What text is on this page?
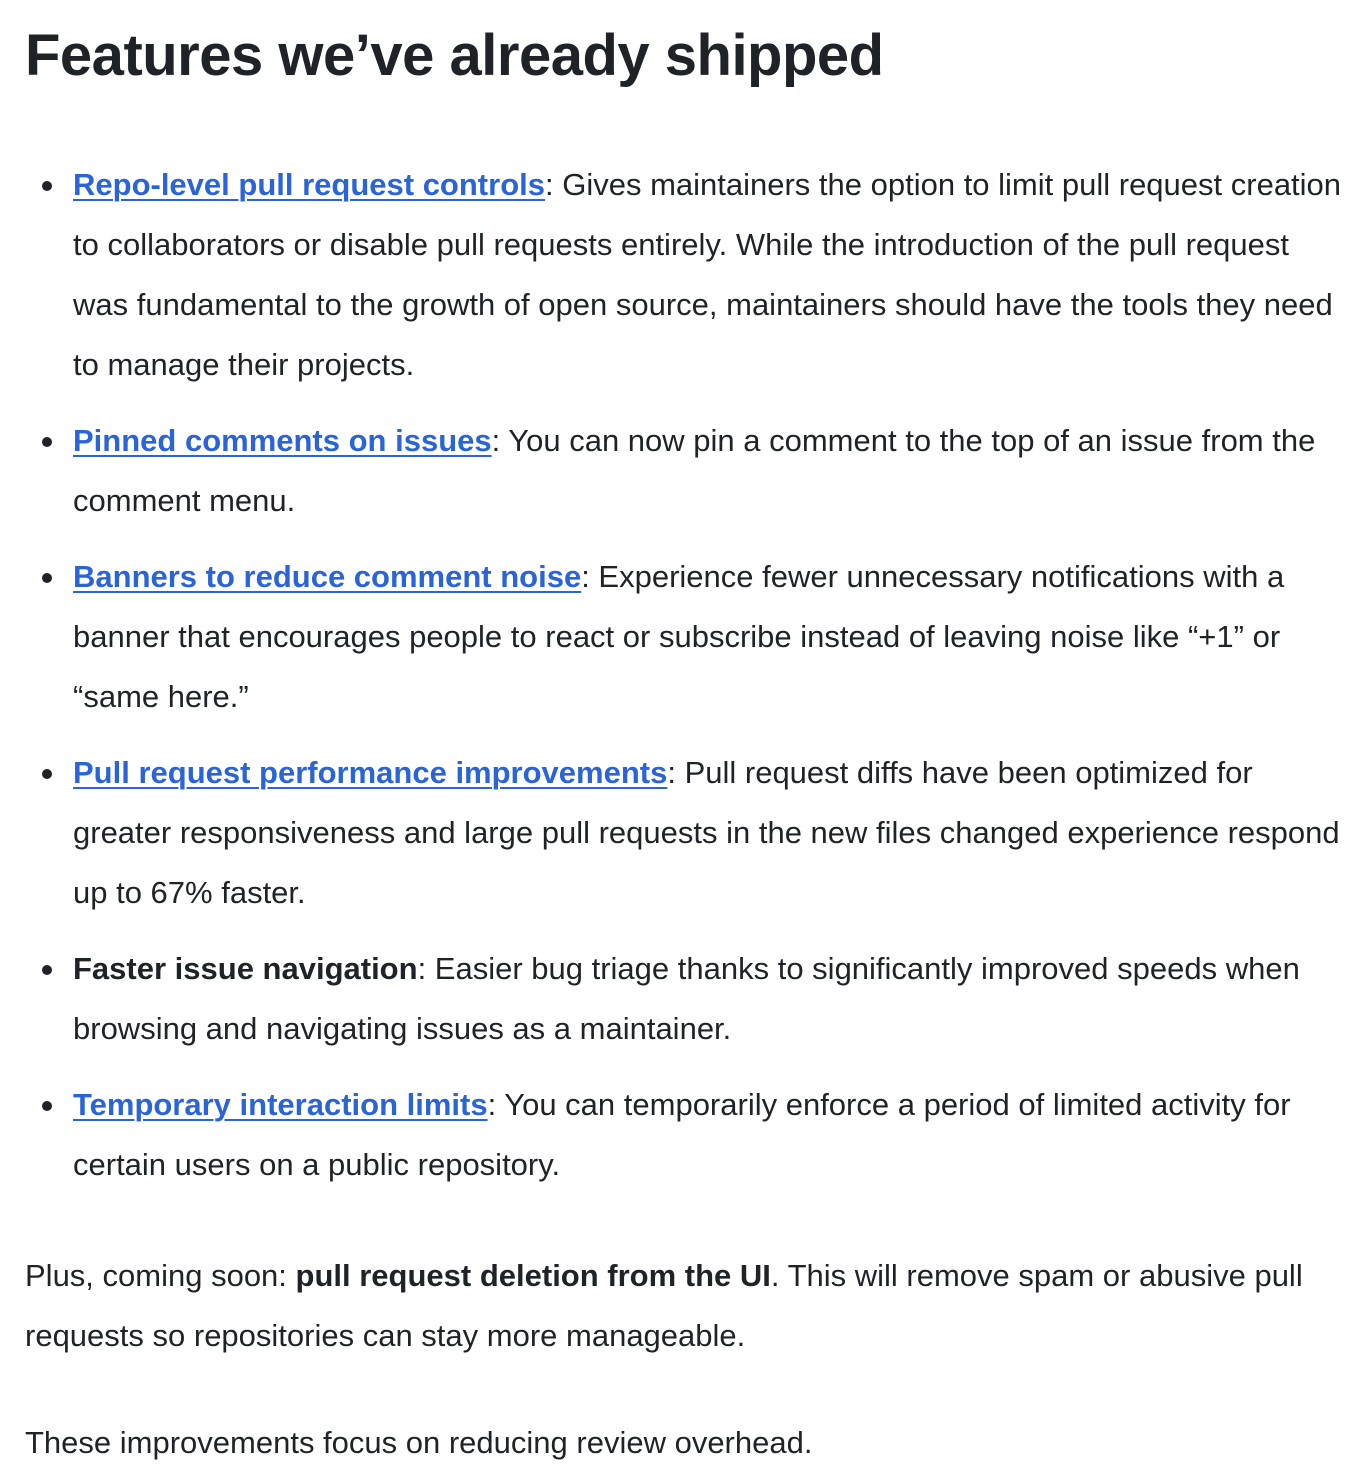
Features we’ve already shipped
Repo-level pull request controls: Gives maintainers the option to limit pull request creation to collaborators or disable pull requests entirely. While the introduction of the pull request was fundamental to the growth of open source, maintainers should have the tools they need to manage their projects.
Pinned comments on issues: You can now pin a comment to the top of an issue from the comment menu.
Banners to reduce comment noise: Experience fewer unnecessary notifications with a banner that encourages people to react or subscribe instead of leaving noise like “+1” or “same here.”
Pull request performance improvements: Pull request diffs have been optimized for greater responsiveness and large pull requests in the new files changed experience respond up to 67% faster.
Faster issue navigation: Easier bug triage thanks to significantly improved speeds when browsing and navigating issues as a maintainer.
Temporary interaction limits: You can temporarily enforce a period of limited activity for certain users on a public repository.

Plus, coming soon: pull request deletion from the UI. This will remove spam or abusive pull requests so repositories can stay more manageable.

These improvements focus on reducing review overhead.
